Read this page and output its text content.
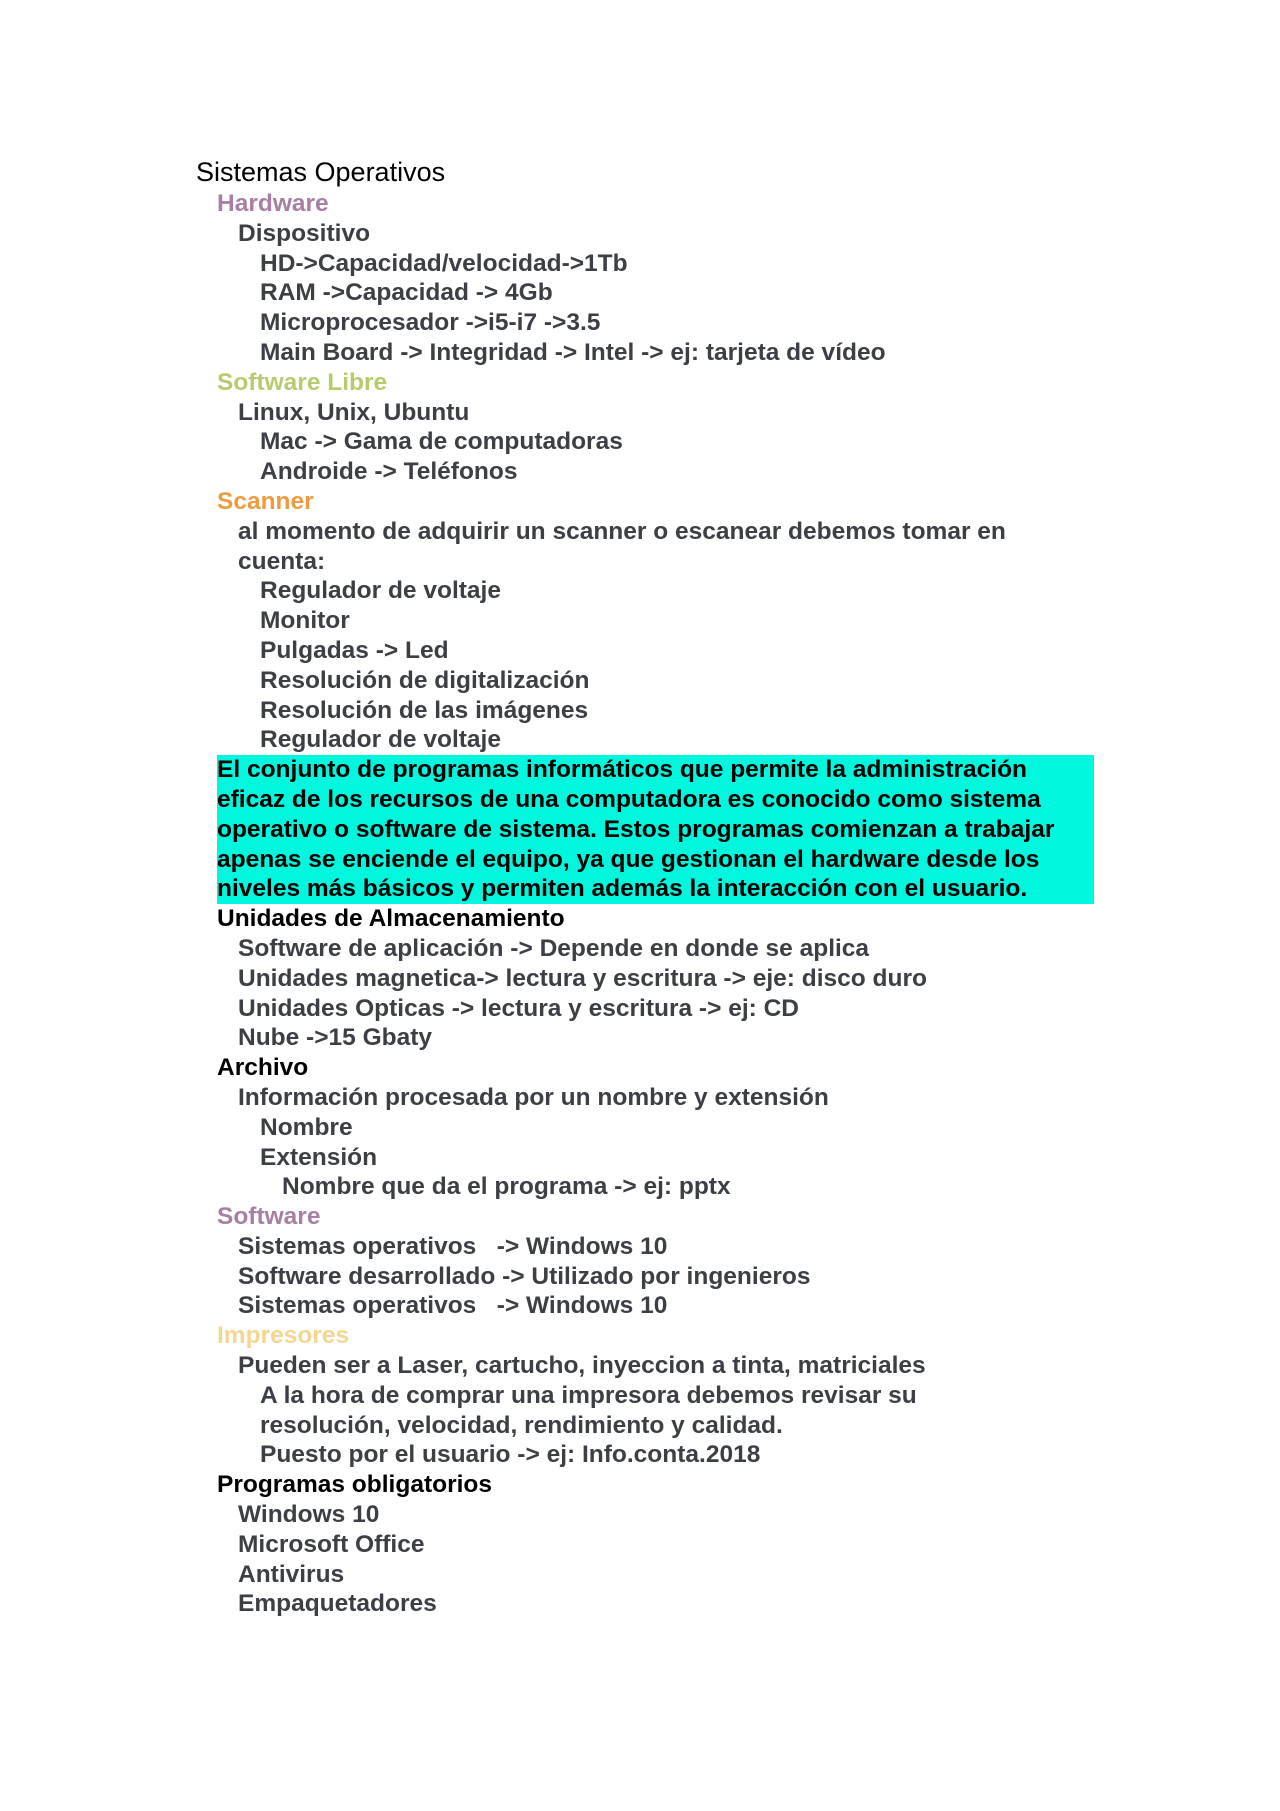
Sistemas Operativos
Hardware
Dispositivo
HD->Capacidad/velocidad->1Tb
RAM ->Capacidad -> 4Gb
Microprocesador ->i5-i7 ->3.5
Main Board -> Integridad -> Intel -> ej: tarjeta de vídeo
Software Libre
Linux, Unix, Ubuntu
Mac -> Gama de computadoras
Androide -> Teléfonos
Scanner
al momento de adquirir un scanner o escanear debemos tomar en cuenta:
Regulador de voltaje
Monitor
Pulgadas -> Led
Resolución de digitalización
Resolución de las imágenes
Regulador de voltaje
El conjunto de programas informáticos que permite la administración eficaz de los recursos de una computadora es conocido como sistema operativo o software de sistema. Estos programas comienzan a trabajar apenas se enciende el equipo, ya que gestionan el hardware desde los niveles más básicos y permiten además la interacción con el usuario.
Unidades de Almacenamiento
Software de aplicación -> Depende en donde se aplica
Unidades magnetica-> lectura y escritura -> eje: disco duro
Unidades Opticas -> lectura y escritura -> ej: CD
Nube ->15 Gbaty
Archivo
Información procesada por un nombre y extensión
Nombre
Extensión
Nombre que da el programa -> ej: pptx
Software
Sistemas operativos   -> Windows 10
Software desarrollado -> Utilizado por ingenieros
Sistemas operativos   -> Windows 10
Impresores
Pueden ser a Laser, cartucho, inyeccion a tinta, matriciales
A la hora de comprar una impresora debemos revisar su resolución, velocidad, rendimiento y calidad.
Puesto por el usuario -> ej: Info.conta.2018
Programas obligatorios
Windows 10
Microsoft Office
Antivirus
Empaquetadores
